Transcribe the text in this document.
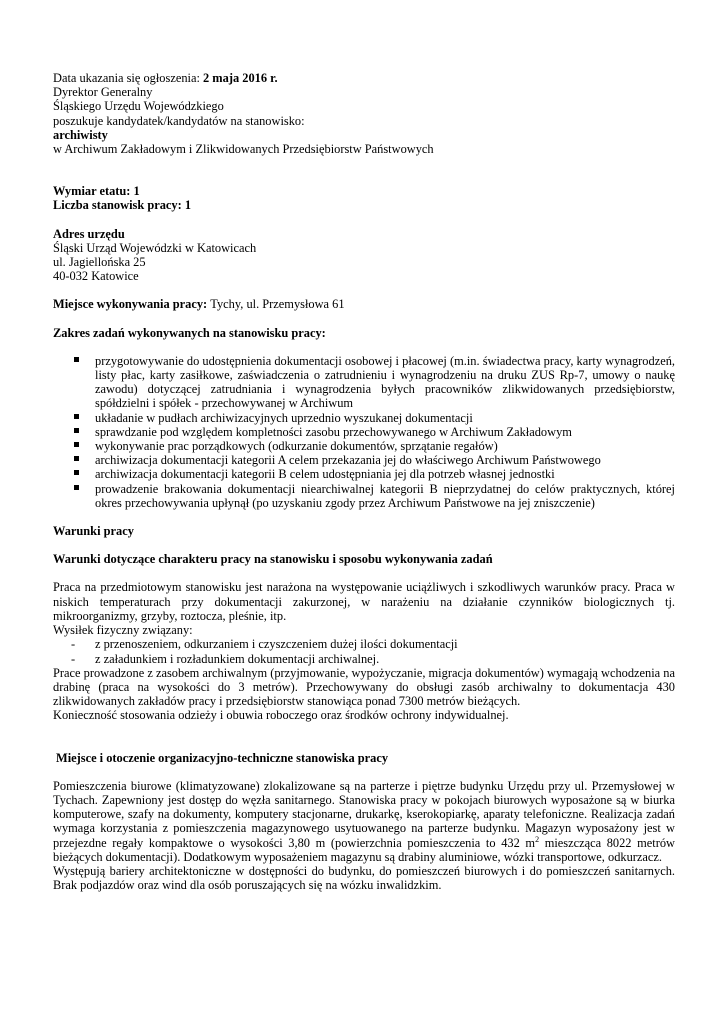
Data ukazania się ogłoszenia: 2 maja 2016 r.
Dyrektor Generalny
Śląskiego Urzędu Wojewódzkiego
poszukuje kandydatek/kandydatów na stanowisko:
archiwisty
w Archiwum Zakładowym i Zlikwidowanych Przedsiębiorstw Państwowych
Wymiar etatu: 1
Liczba stanowisk pracy: 1
Adres urzędu
Śląski Urząd Wojewódzki w Katowicach
ul. Jagiellońska 25
40-032 Katowice
Miejsce wykonywania pracy: Tychy, ul. Przemysłowa 61
Zakres zadań wykonywanych na stanowisku pracy:
przygotowywanie do udostępnienia dokumentacji osobowej i płacowej (m.in. świadectwa pracy, karty wynagrodzeń, listy płac, karty zasiłkowe, zaświadczenia o zatrudnieniu i wynagrodzeniu na druku ZUS Rp-7, umowy o naukę zawodu) dotyczącej zatrudniania i wynagrodzenia byłych pracowników zlikwidowanych przedsiębiorstw, spółdzielni i spółek - przechowywanej w Archiwum
układanie w pudłach archiwizacyjnych uprzednio wyszukanej dokumentacji
sprawdzanie pod względem kompletności zasobu przechowywanego w Archiwum Zakładowym
wykonywanie prac porządkowych (odkurzanie dokumentów, sprzątanie regałów)
archiwizacja dokumentacji kategorii A celem przekazania jej do właściwego Archiwum Państwowego
archiwizacja dokumentacji kategorii B celem udostępniania jej dla potrzeb własnej jednostki
prowadzenie brakowania dokumentacji niearchiwalnej kategorii B nieprzydatnej do celów praktycznych, której okres przechowywania upłynął (po uzyskaniu zgody przez Archiwum Państwowe na jej zniszczenie)
Warunki pracy
Warunki dotyczące charakteru pracy na stanowisku i sposobu wykonywania zadań
Praca na przedmiotowym stanowisku jest narażona na występowanie uciążliwych i szkodliwych warunków pracy. Praca w niskich temperaturach przy dokumentacji zakurzonej, w narażeniu na działanie czynników biologicznych tj. mikroorganizmy, grzyby, roztocza, pleśnie, itp.
Wysiłek fizyczny związany:
- z przenoszeniem, odkurzaniem i czyszczeniem dużej ilości dokumentacji
- z załadunkiem i rozładunkiem dokumentacji archiwalnej.
Prace prowadzone z zasobem archiwalnym (przyjmowanie, wypożyczanie, migracja dokumentów) wymagają wchodzenia na drabinę (praca na wysokości do 3 metrów). Przechowywany do obsługi zasób archiwalny to dokumentacja 430 zlikwidowanych zakładów pracy i przedsiębiorstw stanowiąca ponad 7300 metrów bieżących.
Konieczność stosowania odzieży i obuwia roboczego oraz środków ochrony indywidualnej.
Miejsce i otoczenie organizacyjno-techniczne stanowiska pracy
Pomieszczenia biurowe (klimatyzowane) zlokalizowane są na parterze i piętrze budynku Urzędu przy ul. Przemysłowej w Tychach. Zapewniony jest dostęp do węzła sanitarnego. Stanowiska pracy w pokojach biurowych wyposażone są w biurka komputerowe, szafy na dokumenty, komputery stacjonarne, drukarkę, kserokopiarkę, aparaty telefoniczne. Realizacja zadań wymaga korzystania z pomieszczenia magazynowego usytuowanego na parterze budynku. Magazyn wyposażony jest w przejezdne regały kompaktowe o wysokości 3,80 m (powierzchnia pomieszczenia to 432 $m^2$ mieszcząca 8022 metrów bieżących dokumentacji). Dodatkowym wyposażeniem magazynu są drabiny aluminiowe, wózki transportowe, odkurzacz.
Występują bariery architektoniczne w dostępności do budynku, do pomieszczeń biurowych i do pomieszczeń sanitarnych. Brak podjazdów oraz wind dla osób poruszających się na wózku inwalidzkim.
